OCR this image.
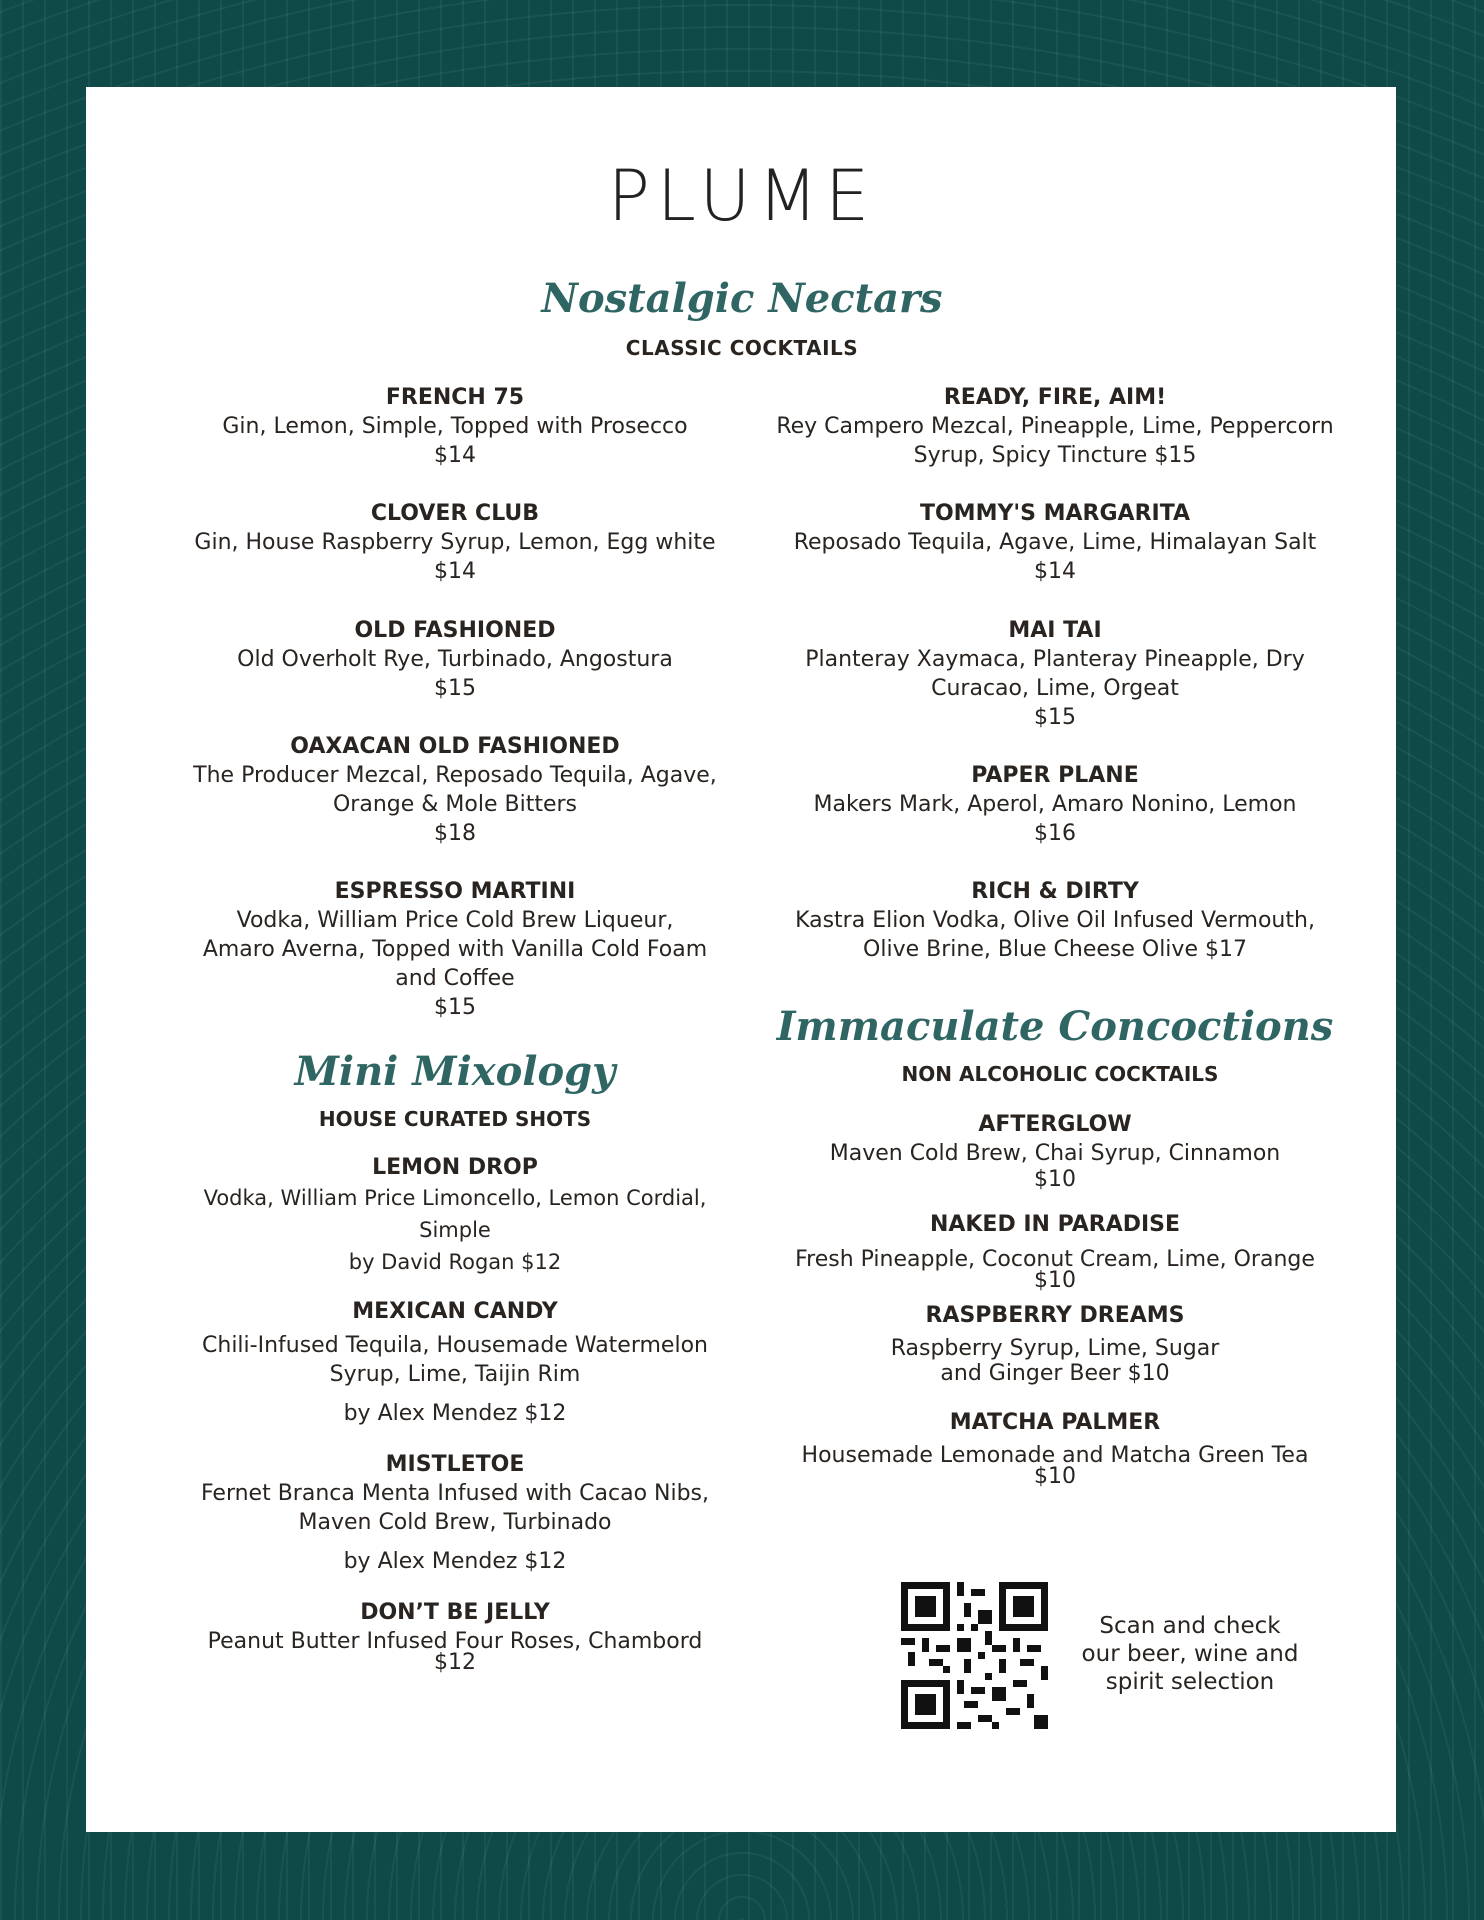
PLUME
Nostalgic Nectars
CLASSIC COCKTAILS
FRENCH 75
Gin, Lemon, Simple, Topped with Prosecco
$14
CLOVER CLUB
Gin, House Raspberry Syrup, Lemon, Egg white
$14
OLD FASHIONED
Old Overholt Rye, Turbinado, Angostura
$15
OAXACAN OLD FASHIONED
The Producer Mezcal, Reposado Tequila, Agave,
Orange & Mole Bitters
$18
ESPRESSO MARTINI
Vodka, William Price Cold Brew Liqueur,
Amaro Averna, Topped with Vanilla Cold Foam
and Coffee
$15
Mini Mixology
HOUSE CURATED SHOTS
LEMON DROP
Vodka, William Price Limoncello, Lemon Cordial,
Simple
by David Rogan $12
MEXICAN CANDY
Chili-Infused Tequila, Housemade Watermelon
Syrup, Lime, Taijin Rim
by Alex Mendez $12
MISTLETOE
Fernet Branca Menta Infused with Cacao Nibs,
Maven Cold Brew, Turbinado
by Alex Mendez $12
DON’T BE JELLY
Peanut Butter Infused Four Roses, Chambord
$12
READY, FIRE, AIM!
Rey Campero Mezcal, Pineapple, Lime, Peppercorn
Syrup, Spicy Tincture $15
TOMMY'S MARGARITA
Reposado Tequila, Agave, Lime, Himalayan Salt
$14
MAI TAI
Planteray Xaymaca, Planteray Pineapple, Dry
Curacao, Lime, Orgeat
$15
PAPER PLANE
Makers Mark, Aperol, Amaro Nonino, Lemon
$16
RICH & DIRTY
Kastra Elion Vodka, Olive Oil Infused Vermouth,
Olive Brine, Blue Cheese Olive $17
Immaculate Concoctions
NON ALCOHOLIC COCKTAILS
AFTERGLOW
Maven Cold Brew, Chai Syrup, Cinnamon
$10
NAKED IN PARADISE
Fresh Pineapple, Coconut Cream, Lime, Orange
$10
RASPBERRY DREAMS
Raspberry Syrup, Lime, Sugar
and Ginger Beer $10
MATCHA PALMER
Housemade Lemonade and Matcha Green Tea
$10
Scan and check
our beer, wine and
spirit selection
